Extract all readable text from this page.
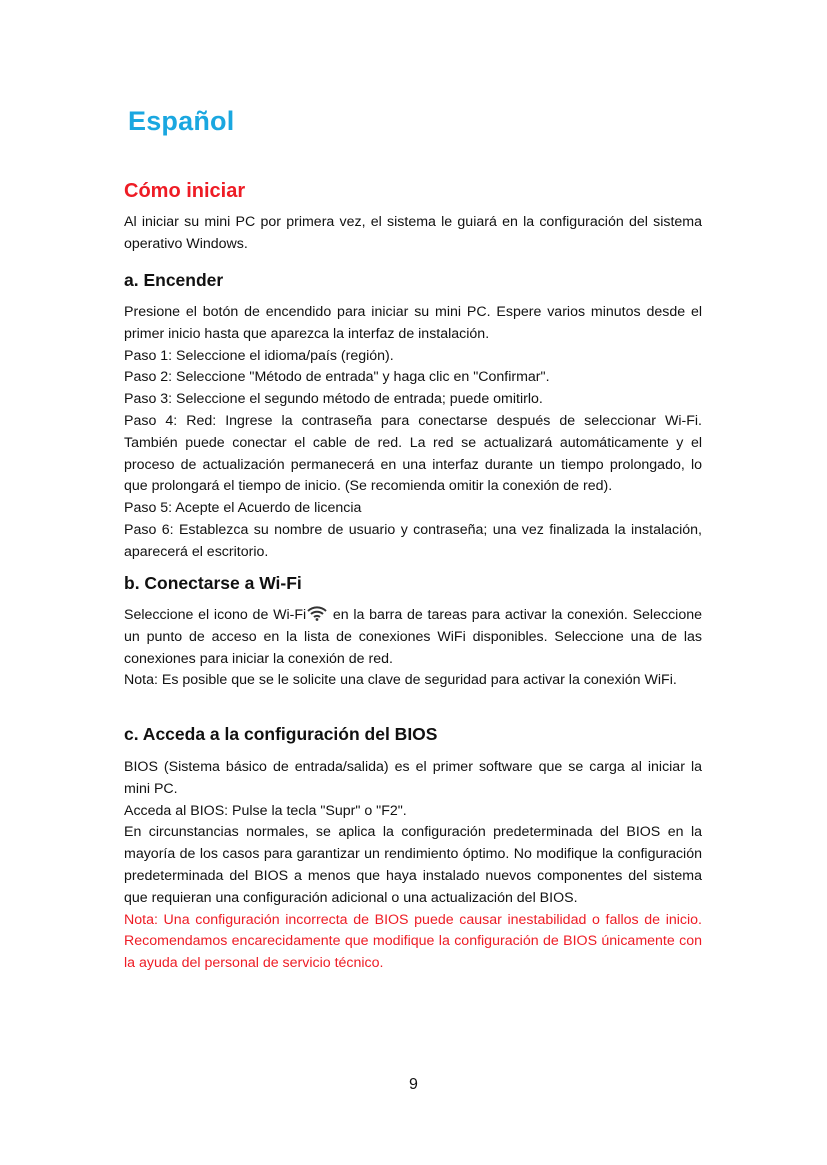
Español
Cómo iniciar

Al iniciar su mini PC por primera vez, el sistema le guiará en la configuración del sistema operativo Windows.

a. Encender

Presione el botón de encendido para iniciar su mini PC. Espere varios minutos desde el primer inicio hasta que aparezca la interfaz de instalación.

Paso 1: Seleccione el idioma/país (región).

Paso 2: Seleccione "Método de entrada" y haga clic en "Confirmar".

Paso 3: Seleccione el segundo método de entrada; puede omitirlo.

Paso 4: Red: Ingrese la contraseña para conectarse después de seleccionar Wi-Fi. También puede conectar el cable de red. La red se actualizará automáticamente y el proceso de actualización permanecerá en una interfaz durante un tiempo prolongado, lo que prolongará el tiempo de inicio. (Se recomienda omitir la conexión de red).

Paso 5: Acepte el Acuerdo de licencia

Paso 6: Establezca su nombre de usuario y contraseña; una vez finalizada la instalación, aparecerá el escritorio.

b. Conectarse a Wi-Fi

Seleccione el icono de Wi-Fi en la barra de tareas para activar la conexión. Seleccione un punto de acceso en la lista de conexiones WiFi disponibles. Seleccione una de las conexiones para iniciar la conexión de red.

Nota: Es posible que se le solicite una clave de seguridad para activar la conexión WiFi.

c. Acceda a la configuración del BIOS

BIOS (Sistema básico de entrada/salida) es el primer software que se carga al iniciar la mini PC.

Acceda al BIOS: Pulse la tecla "Supr" o "F2".

En circunstancias normales, se aplica la configuración predeterminada del BIOS en la mayoría de los casos para garantizar un rendimiento óptimo. No modifique la configuración predeterminada del BIOS a menos que haya instalado nuevos componentes del sistema que requieran una configuración adicional o una actualización del BIOS.

Nota: Una configuración incorrecta de BIOS puede causar inestabilidad o fallos de inicio. Recomendamos encarecidamente que modifique la configuración de BIOS únicamente con la ayuda del personal de servicio técnico.

9
